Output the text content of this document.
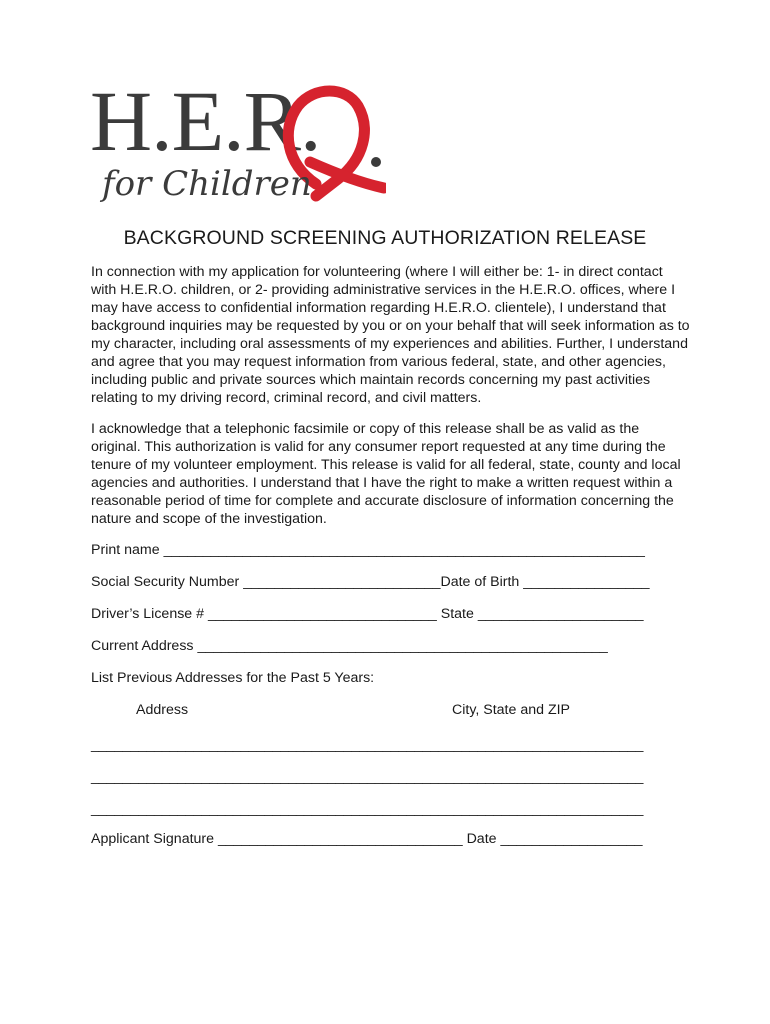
H.E.R.
for Children
BACKGROUND SCREENING AUTHORIZATION RELEASE

In connection with my application for volunteering (where I will either be: 1- in direct contact with H.E.R.O. children, or 2- providing administrative services in the H.E.R.O. offices, where I may have access to confidential information regarding H.E.R.O. clientele), I understand that background inquiries may be requested by you or on your behalf that will seek information as to my character, including oral assessments of my experiences and abilities. Further, I understand and agree that you may request information from various federal, state, and other agencies, including public and private sources which maintain records concerning my past activities relating to my driving record, criminal record, and civil matters.

I acknowledge that a telephonic facsimile or copy of this release shall be as valid as the original. This authorization is valid for any consumer report requested at any time during the tenure of my volunteer employment. This release is valid for all federal, state, county and local agencies and authorities. I understand that I have the right to make a written request within a reasonable period of time for complete and accurate disclosure of information concerning the nature and scope of the investigation.

Print name _____________________________________________________________
Social Security Number _________________________Date of Birth ________________
Driver’s License # _____________________________ State _____________________
Current Address ____________________________________________________
List Previous Addresses for the Past 5 Years:
Address	City, State and ZIP
______________________________________________________________________
______________________________________________________________________
______________________________________________________________________
Applicant Signature _______________________________ Date __________________
